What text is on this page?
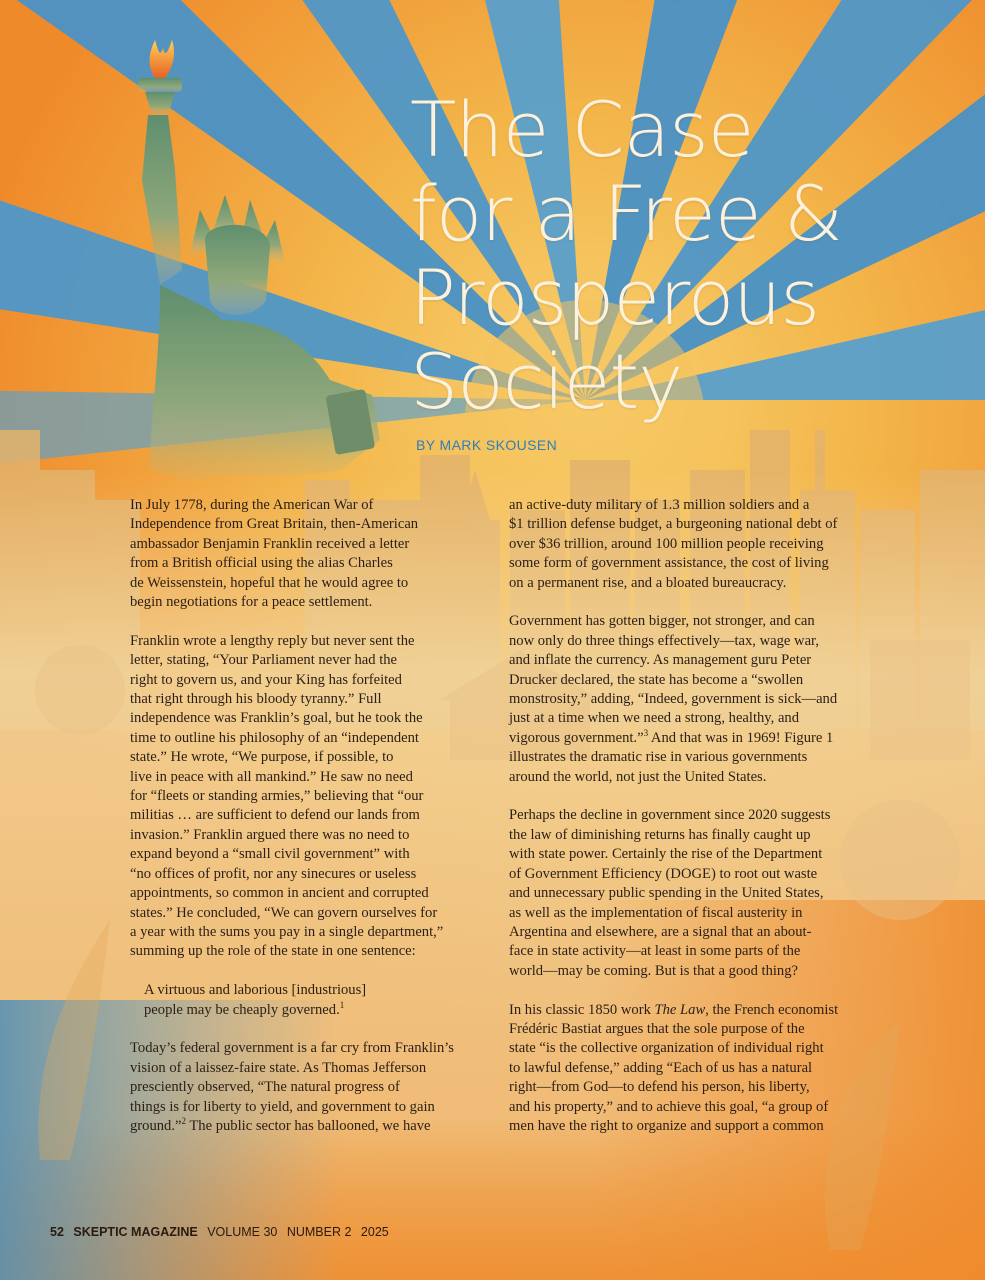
The Case
for a Free &
Prosperous
Society
BY MARK SKOUSEN
In July 1778, during the American War of
Independence from Great Britain, then-American
ambassador Benjamin Franklin received a letter
from a British official using the alias Charles
de Weissenstein, hopeful that he would agree to
begin negotiations for a peace settlement.
Franklin wrote a lengthy reply but never sent the
letter, stating, “Your Parliament never had the
right to govern us, and your King has forfeited
that right through his bloody tyranny.” Full
independence was Franklin’s goal, but he took the
time to outline his philosophy of an “independent
state.” He wrote, “We purpose, if possible, to
live in peace with all mankind.” He saw no need
for “fleets or standing armies,” believing that “our
militias … are sufficient to defend our lands from
invasion.” Franklin argued there was no need to
expand beyond a “small civil government” with
“no offices of profit, nor any sinecures or useless
appointments, so common in ancient and corrupted
states.” He concluded, “We can govern ourselves for
a year with the sums you pay in a single department,”
summing up the role of the state in one sentence:
A virtuous and laborious [industrious]
people may be cheaply governed.$^1$
Today’s federal government is a far cry from Franklin’s
vision of a laissez-faire state. As Thomas Jefferson
presciently observed, “The natural progress of
things is for liberty to yield, and government to gain
ground.”$^2$ The public sector has ballooned, we have
an active-duty military of 1.3 million soldiers and a
$1 trillion defense budget, a burgeoning national debt of
over $36 trillion, around 100 million people receiving
some form of government assistance, the cost of living
on a permanent rise, and a bloated bureaucracy.
Government has gotten bigger, not stronger, and can
now only do three things effectively—tax, wage war,
and inflate the currency. As management guru Peter
Drucker declared, the state has become a “swollen
monstrosity,” adding, “Indeed, government is sick—and
just at a time when we need a strong, healthy, and
vigorous government.”$^3$ And that was in 1969! Figure 1
illustrates the dramatic rise in various governments
around the world, not just the United States.
Perhaps the decline in government since 2020 suggests
the law of diminishing returns has finally caught up
with state power. Certainly the rise of the Department
of Government Efficiency (DOGE) to root out waste
and unnecessary public spending in the United States,
as well as the implementation of fiscal austerity in
Argentina and elsewhere, are a signal that an about-
face in state activity—at least in some parts of the
world—may be coming. But is that a good thing?
In his classic 1850 work The Law, the French economist
Frédéric Bastiat argues that the sole purpose of the
state “is the collective organization of individual right
to lawful defense,” adding “Each of us has a natural
right—from God—to defend his person, his liberty,
and his property,” and to achieve this goal, “a group of
men have the right to organize and support a common
52 SKEPTIC MAGAZINE VOLUME 30 NUMBER 2 2025
